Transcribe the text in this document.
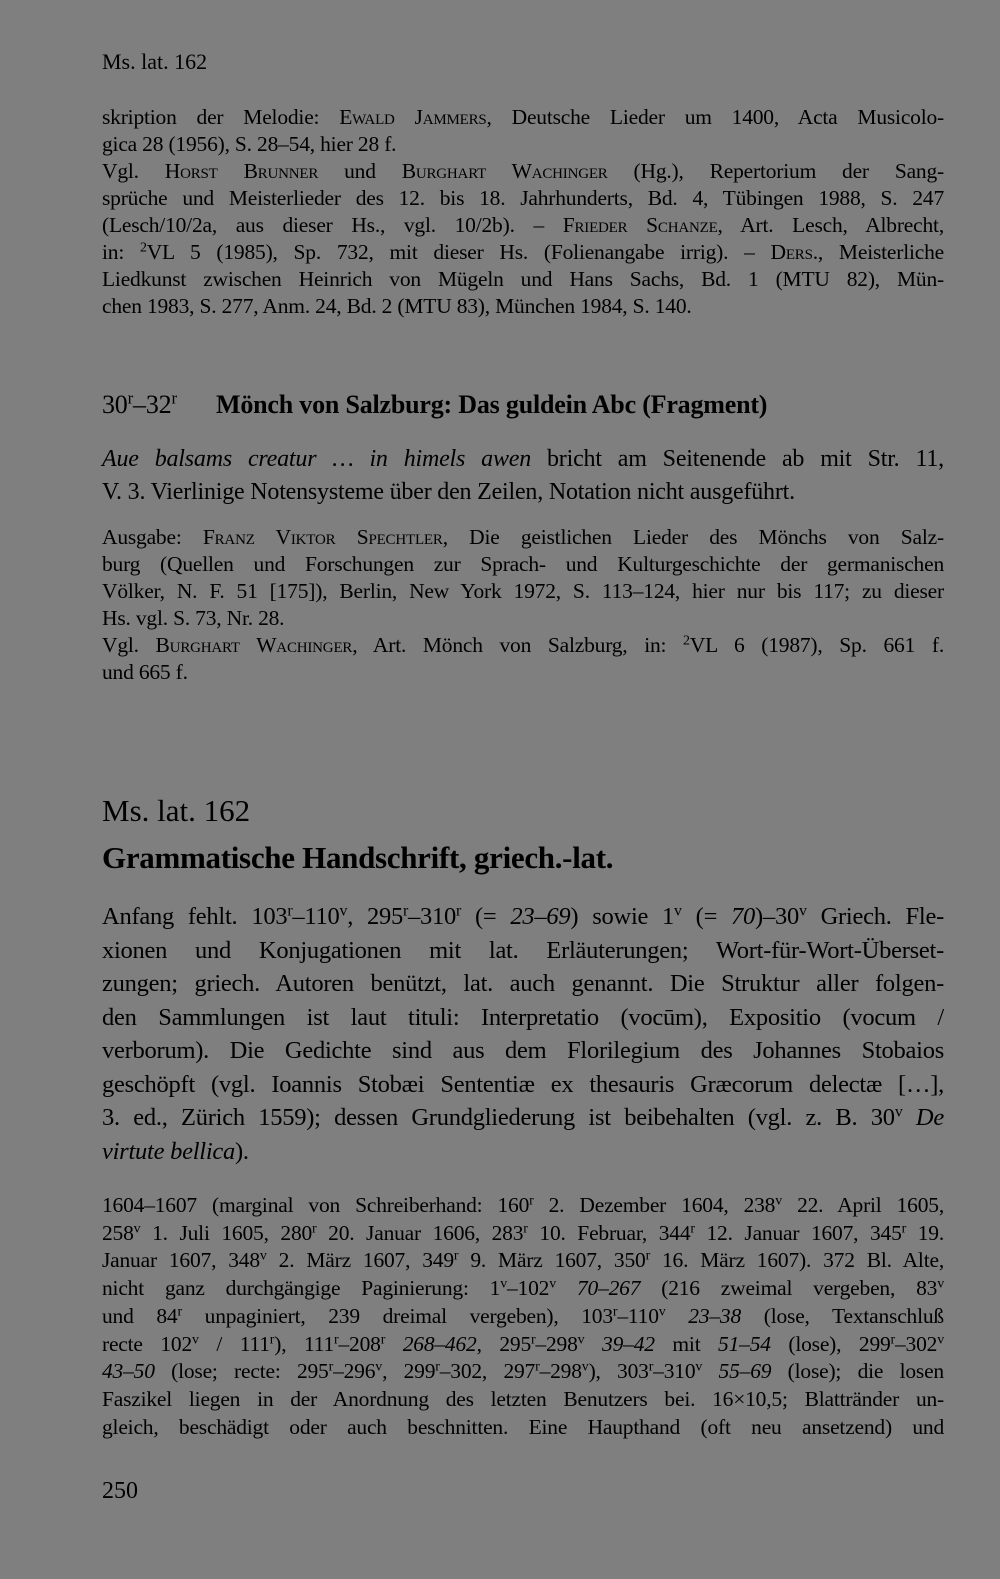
Ms. lat. 162
skription der Melodie: Ewald Jammers, Deutsche Lieder um 1400, Acta Musicolo-
gica 28 (1956), S. 28–54, hier 28 f.
Vgl. Horst Brunner und Burghart Wachinger (Hg.), Repertorium der Sang-
sprüche und Meisterlieder des 12. bis 18. Jahrhunderts, Bd. 4, Tübingen 1988, S. 247
(Lesch/10/2a, aus dieser Hs., vgl. 10/2b). – Frieder Schanze, Art. Lesch, Albrecht,
in: $^2$VL 5 (1985), Sp. 732, mit dieser Hs. (Folienangabe irrig). – Ders., Meisterliche
Liedkunst zwischen Heinrich von Mügeln und Hans Sachs, Bd. 1 (MTU 82), Mün-
chen 1983, S. 277, Anm. 24, Bd. 2 (MTU 83), München 1984, S. 140.
30$^r$–32$^r$ Mönch von Salzburg: Das guldein Abc (Fragment)
Aue balsams creatur … in himels awen bricht am Seitenende ab mit Str. 11,
V. 3. Vierlinige Notensysteme über den Zeilen, Notation nicht ausgeführt.
Ausgabe: Franz Viktor Spechtler, Die geistlichen Lieder des Mönchs von Salz-
burg (Quellen und Forschungen zur Sprach- und Kulturgeschichte der germanischen
Völker, N. F. 51 [175]), Berlin, New York 1972, S. 113–124, hier nur bis 117; zu dieser
Hs. vgl. S. 73, Nr. 28.
Vgl. Burghart Wachinger, Art. Mönch von Salzburg, in: $^2$VL 6 (1987), Sp. 661 f.
und 665 f.
Ms. lat. 162
Grammatische Handschrift, griech.-lat.
Anfang fehlt. 103$^r$–110$^v$, 295$^r$–310$^r$ (= 23–69) sowie 1$^v$ (= $70)-30^v$ Griech. Fle-
xionen und Konjugationen mit lat. Erläuterungen; Wort-für-Wort-Überset-
zungen; griech. Autoren benützt, lat. auch genannt. Die Struktur aller folgen-
den Sammlungen ist laut tituli: Interpretatio (vocūm), Expositio (vocum /
verborum). Die Gedichte sind aus dem Florilegium des Johannes Stobaios
geschöpft (vgl. Ioannis Stobæi Sententiæ ex thesauris Græcorum delectæ […],
3. ed., Zürich 1559); dessen Grundgliederung ist beibehalten (vgl. z. B. 30$^v$ De
virtute bellica).
1604–1607 (marginal von Schreiberhand: 160$^r$ 2. Dezember 1604, 238$^v$ 22. April 1605,
258$^v$ 1. Juli 1605, 280$^r$ 20. Januar 1606, 283$^r$ 10. Februar, 344$^r$ 12. Januar 1607, 345$^r$ 19.
Januar 1607, 348$^v$ 2. März 1607, 349$^r$ 9. März 1607, 350$^r$ 16. März 1607). 372 Bl. Alte,
nicht ganz durchgängige Paginierung: 1$^v$–102$^v$ 70–267 (216 zweimal vergeben, 83$^v$
und 84$^r$ unpaginiert, 239 dreimal vergeben), 103$^r$–110$^v$ 23–38 (lose, Textanschluß
recte 102$^v$ / 111$^r$), 111$^r$–208$^r$ 268–462, 295$^r$–298$^v$ 39–42 mit 51–54 (lose), 299$^r$–302$^v$
43–50 (lose; recte: 295$^r$–296$^v$, 299$^r$–302, 297$^r$–298$^v$), 303$^r$–310$^v$ 55–69 (lose); die losen
Faszikel liegen in der Anordnung des letzten Benutzers bei. 16×10,5; Blattränder un-
gleich, beschädigt oder auch beschnitten. Eine Haupthand (oft neu ansetzend) und
250
